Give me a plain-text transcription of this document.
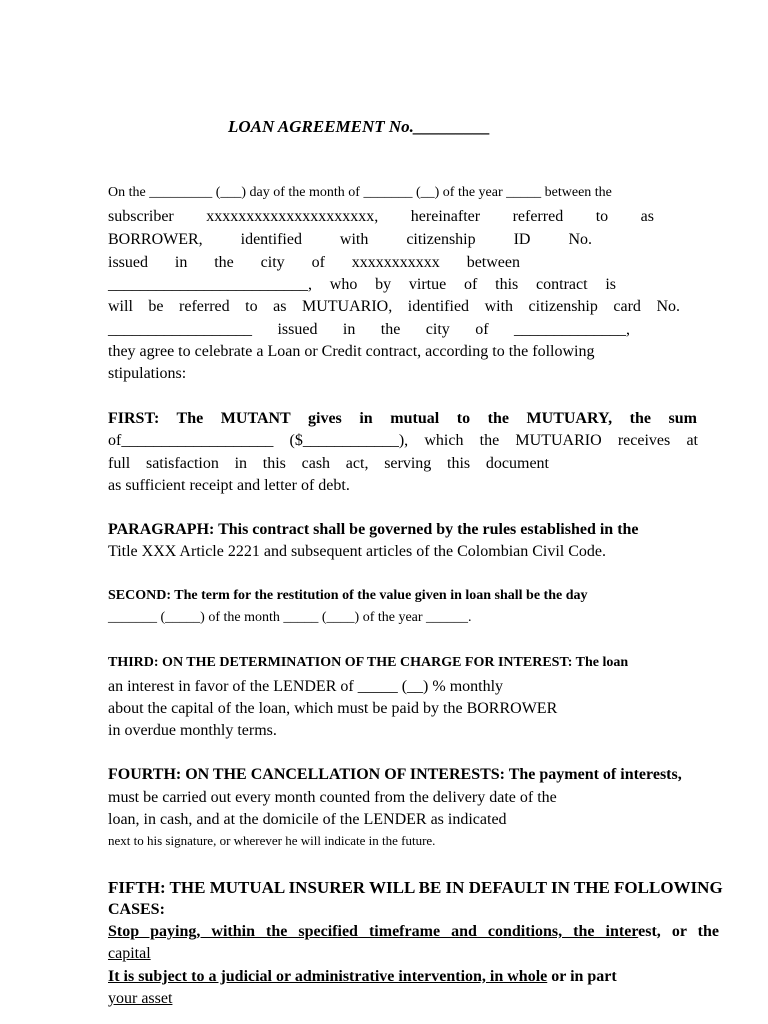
LOAN AGREEMENT No._________
On the _________ (___) day of the month of _______ (__) of the year _____ between the
subscriber xxxxxxxxxxxxxxxxxxxxx, hereinafter referred to as
BORROWER, identified with citizenship ID No.
issued in the city of xxxxxxxxxxx between
_________________________, who by virtue of this contract is
will be referred to as MUTUARIO, identified with citizenship card No.
__________________ issued in the city of ______________,
they agree to celebrate a Loan or Credit contract, according to the following
stipulations:
FIRST: The MUTANT gives in mutual to the MUTUARY, the sum
of___________________ ($____________), which the MUTUARIO receives at
full satisfaction in this cash act, serving this document
as sufficient receipt and letter of debt.
PARAGRAPH: This contract shall be governed by the rules established in the
Title XXX Article 2221 and subsequent articles of the Colombian Civil Code.
SECOND: The term for the restitution of the value given in loan shall be the day
_______ (_____) of the month _____ (____) of the year ______.
THIRD: ON THE DETERMINATION OF THE CHARGE FOR INTEREST: The loan
an interest in favor of the LENDER of _____ (__) % monthly
about the capital of the loan, which must be paid by the BORROWER
in overdue monthly terms.
FOURTH: ON THE CANCELLATION OF INTERESTS: The payment of interests,
must be carried out every month counted from the delivery date of the
loan, in cash, and at the domicile of the LENDER as indicated
next to his signature, or wherever he will indicate in the future.
FIFTH: THE MUTUAL INSURER WILL BE IN DEFAULT IN THE FOLLOWING
CASES:
Stop paying, within the specified timeframe and conditions, the interest, or the
capital
It is subject to a judicial or administrative intervention, in whole or in part
your asset
